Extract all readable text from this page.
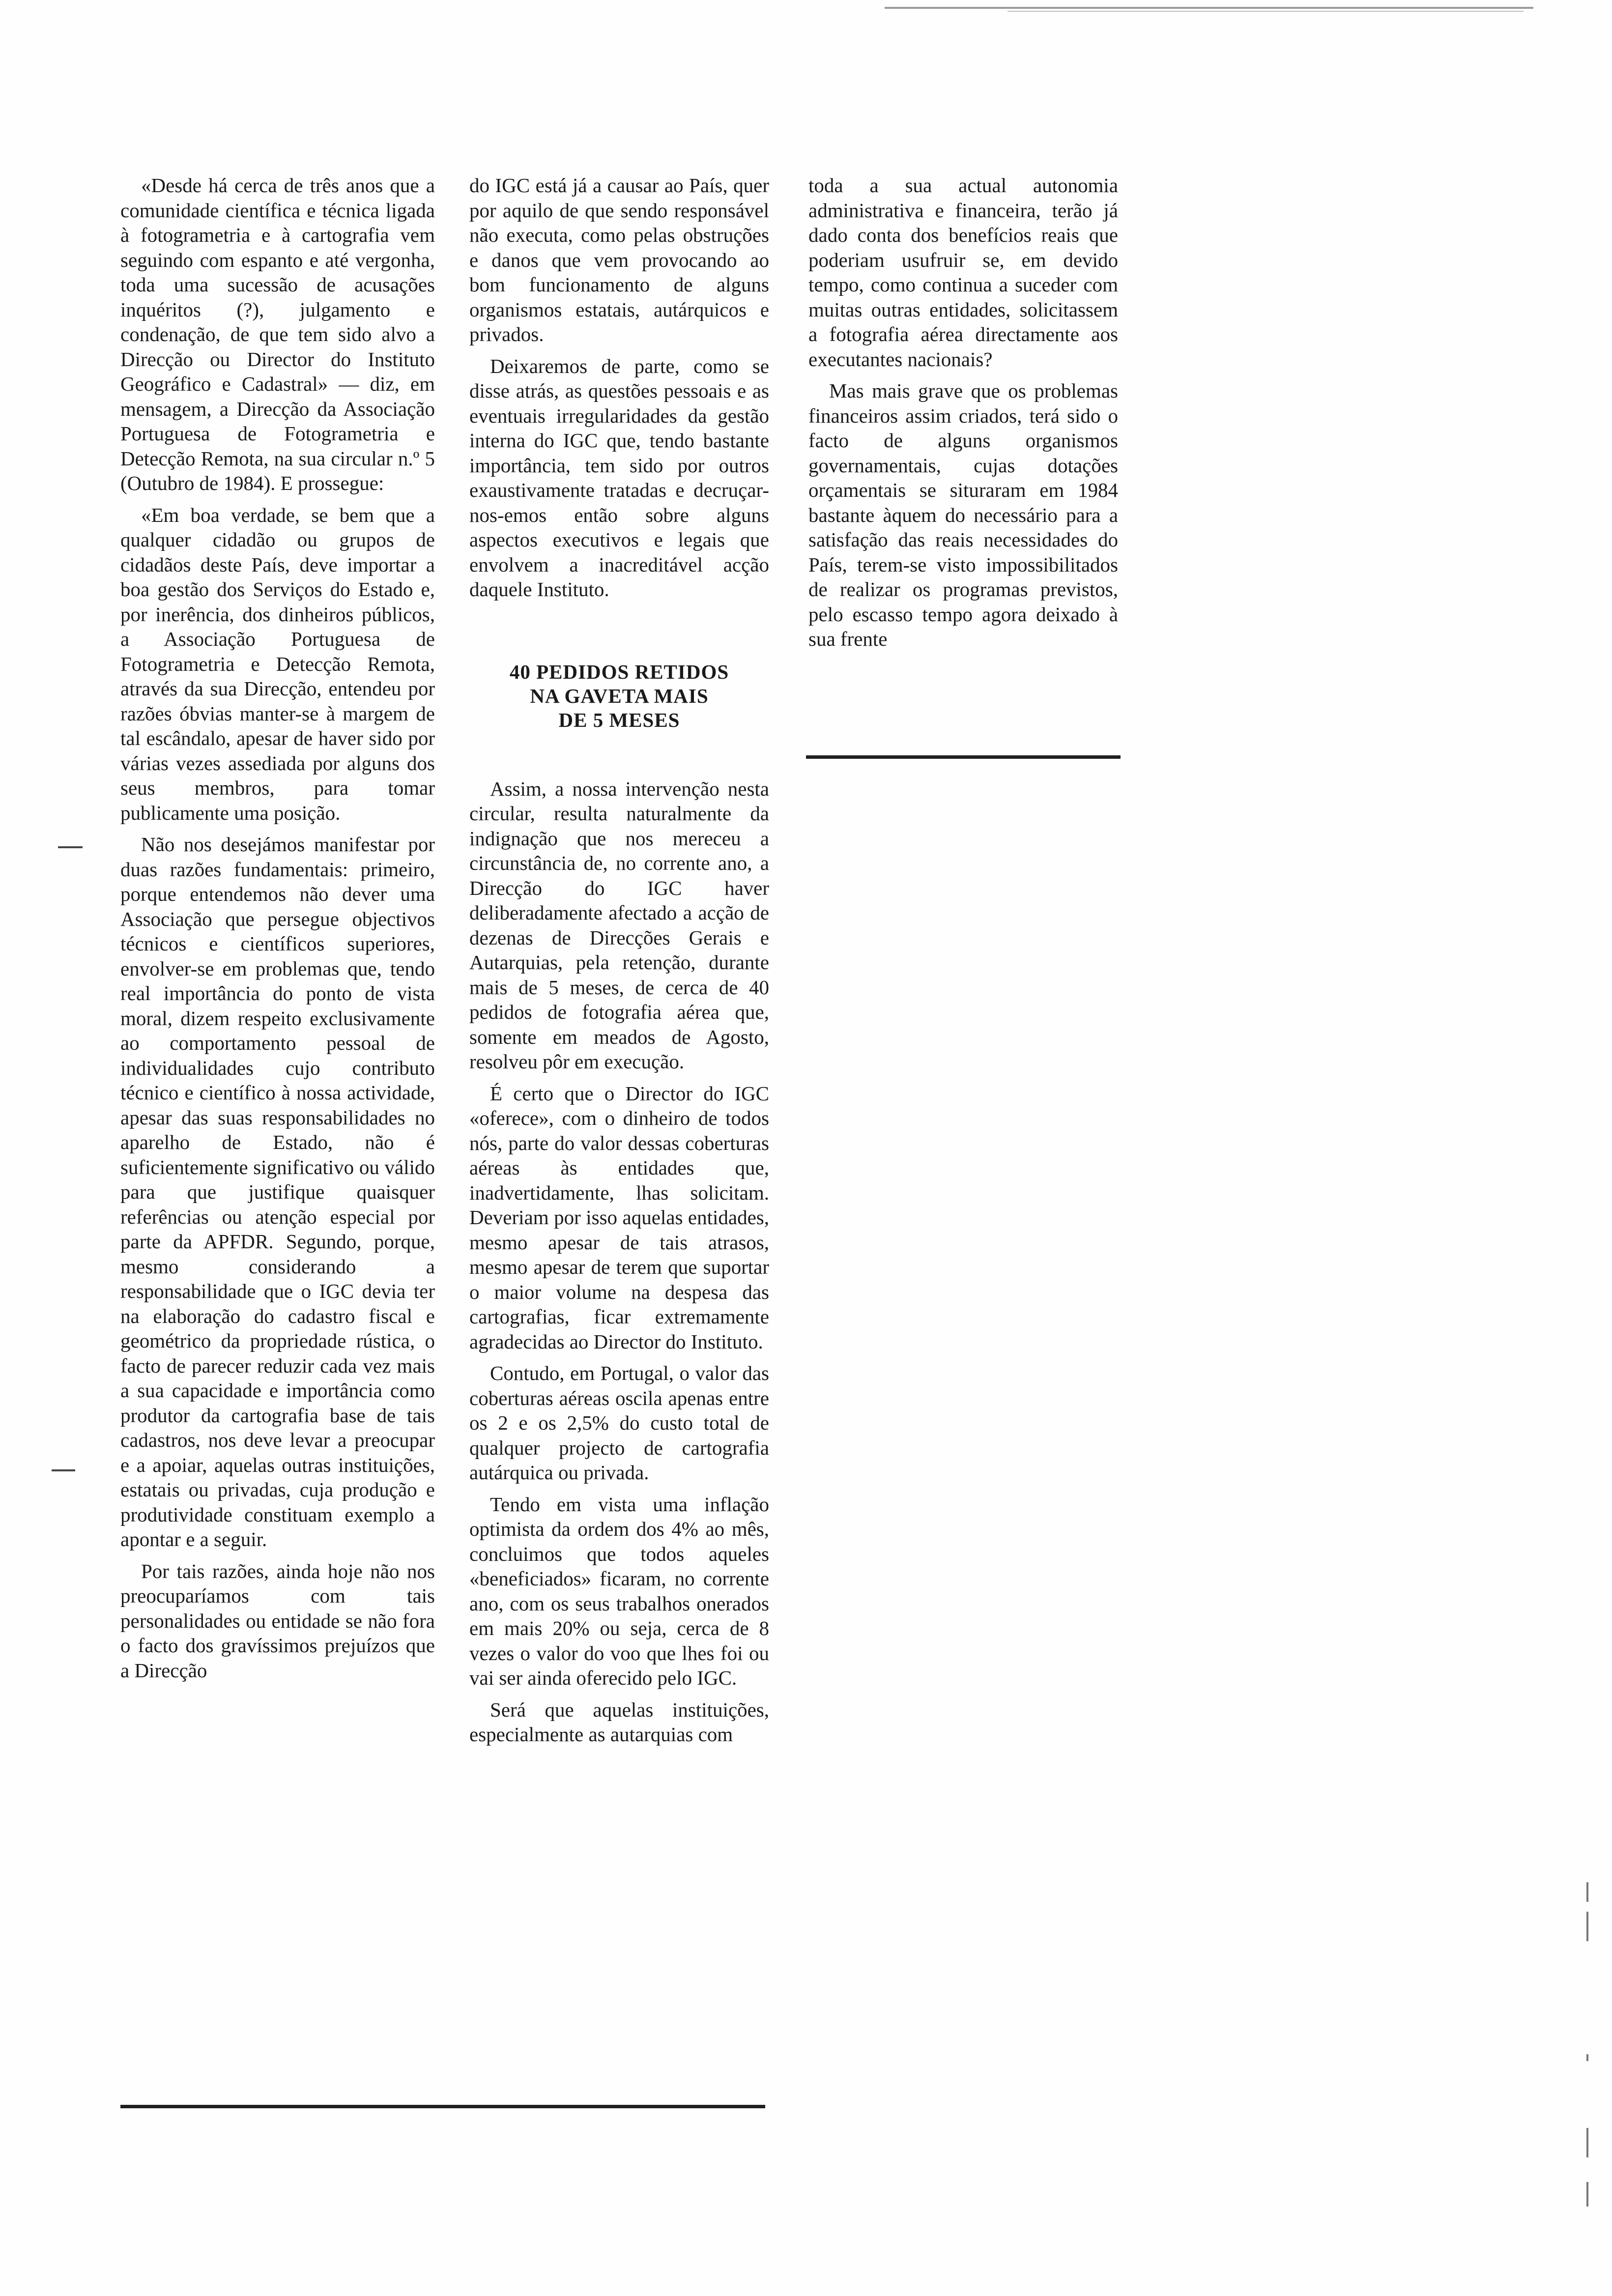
«Desde há cerca de três anos que a comunidade científica e técnica ligada à fotogrametria e à cartografia vem seguindo com espanto e até vergonha, toda uma sucessão de acusações inquéritos (?), julgamento e condenação, de que tem sido alvo a Direcção ou Director do Instituto Geográfico e Cadastral» — diz, em mensagem, a Direcção da Associação Portuguesa de Fotogrametria e Detecção Remota, na sua circular n.º 5 (Outubro de 1984). E prossegue:

«Em boa verdade, se bem que a qualquer cidadão ou grupos de cidadãos deste País, deve importar a boa gestão dos Serviços do Estado e, por inerência, dos dinheiros públicos, a Associação Portuguesa de Fotogrametria e Detecção Remota, através da sua Direcção, entendeu por razões óbvias manter-se à margem de tal escândalo, apesar de haver sido por várias vezes assediada por alguns dos seus membros, para tomar publicamente uma posição.

Não nos desejámos manifestar por duas razões fundamentais: primeiro, porque entendemos não dever uma Associação que persegue objectivos técnicos e científicos superiores, envolver-se em problemas que, tendo real importância do ponto de vista moral, dizem respeito exclusivamente ao comportamento pessoal de individualidades cujo contributo técnico e científico à nossa actividade, apesar das suas responsabilidades no aparelho de Estado, não é suficientemente significativo ou válido para que justifique quaisquer referências ou atenção especial por parte da APFDR. Segundo, porque, mesmo considerando a responsabilidade que o IGC devia ter na elaboração do cadastro fiscal e geométrico da propriedade rústica, o facto de parecer reduzir cada vez mais a sua capacidade e importância como produtor da cartografia base de tais cadastros, nos deve levar a preocupar e a apoiar, aquelas outras instituições, estatais ou privadas, cuja produção e produtividade constituam exemplo a apontar e a seguir.

Por tais razões, ainda hoje não nos preocuparíamos com tais personalidades ou entidade se não fora o facto dos gravíssimos prejuízos que a Direcção

do IGC está já a causar ao País, quer por aquilo de que sendo responsável não executa, como pelas obstruções e danos que vem provocando ao bom funcionamento de alguns organismos estatais, autárquicos e privados.

Deixaremos de parte, como se disse atrás, as questões pessoais e as eventuais irregularidades da gestão interna do IGC que, tendo bastante importância, tem sido por outros exaustivamente tratadas e decruçar-nos-emos então sobre alguns aspectos executivos e legais que envolvem a inacreditável acção daquele Instituto.

40 PEDIDOS RETIDOS
NA GAVETA MAIS
DE 5 MESES

Assim, a nossa intervenção nesta circular, resulta naturalmente da indignação que nos mereceu a circunstância de, no corrente ano, a Direcção do IGC haver deliberadamente afectado a acção de dezenas de Direcções Gerais e Autarquias, pela retenção, durante mais de 5 meses, de cerca de 40 pedidos de fotografia aérea que, somente em meados de Agosto, resolveu pôr em execução.

É certo que o Director do IGC «oferece», com o dinheiro de todos nós, parte do valor dessas coberturas aéreas às entidades que, inadvertidamente, lhas solicitam. Deveriam por isso aquelas entidades, mesmo apesar de tais atrasos, mesmo apesar de terem que suportar o maior volume na despesa das cartografias, ficar extremamente agradecidas ao Director do Instituto.

Contudo, em Portugal, o valor das coberturas aéreas oscila apenas entre os 2 e os 2,5% do custo total de qualquer projecto de cartografia autárquica ou privada.

Tendo em vista uma inflação optimista da ordem dos 4% ao mês, concluimos que todos aqueles «beneficiados» ficaram, no corrente ano, com os seus trabalhos onerados em mais 20% ou seja, cerca de 8 vezes o valor do voo que lhes foi ou vai ser ainda oferecido pelo IGC.

Será que aquelas instituições, especialmente as autarquias com

toda a sua actual autonomia administrativa e financeira, terão já dado conta dos benefícios reais que poderiam usufruir se, em devido tempo, como continua a suceder com muitas outras entidades, solicitassem a fotografia aérea directamente aos executantes nacionais?

Mas mais grave que os problemas financeiros assim criados, terá sido o facto de alguns organismos governamentais, cujas dotações orçamentais se situraram em 1984 bastante àquem do necessário para a satisfação das reais necessidades do País, terem-se visto impossibilitados de realizar os programas previstos, pelo escasso tempo agora deixado à sua frente
